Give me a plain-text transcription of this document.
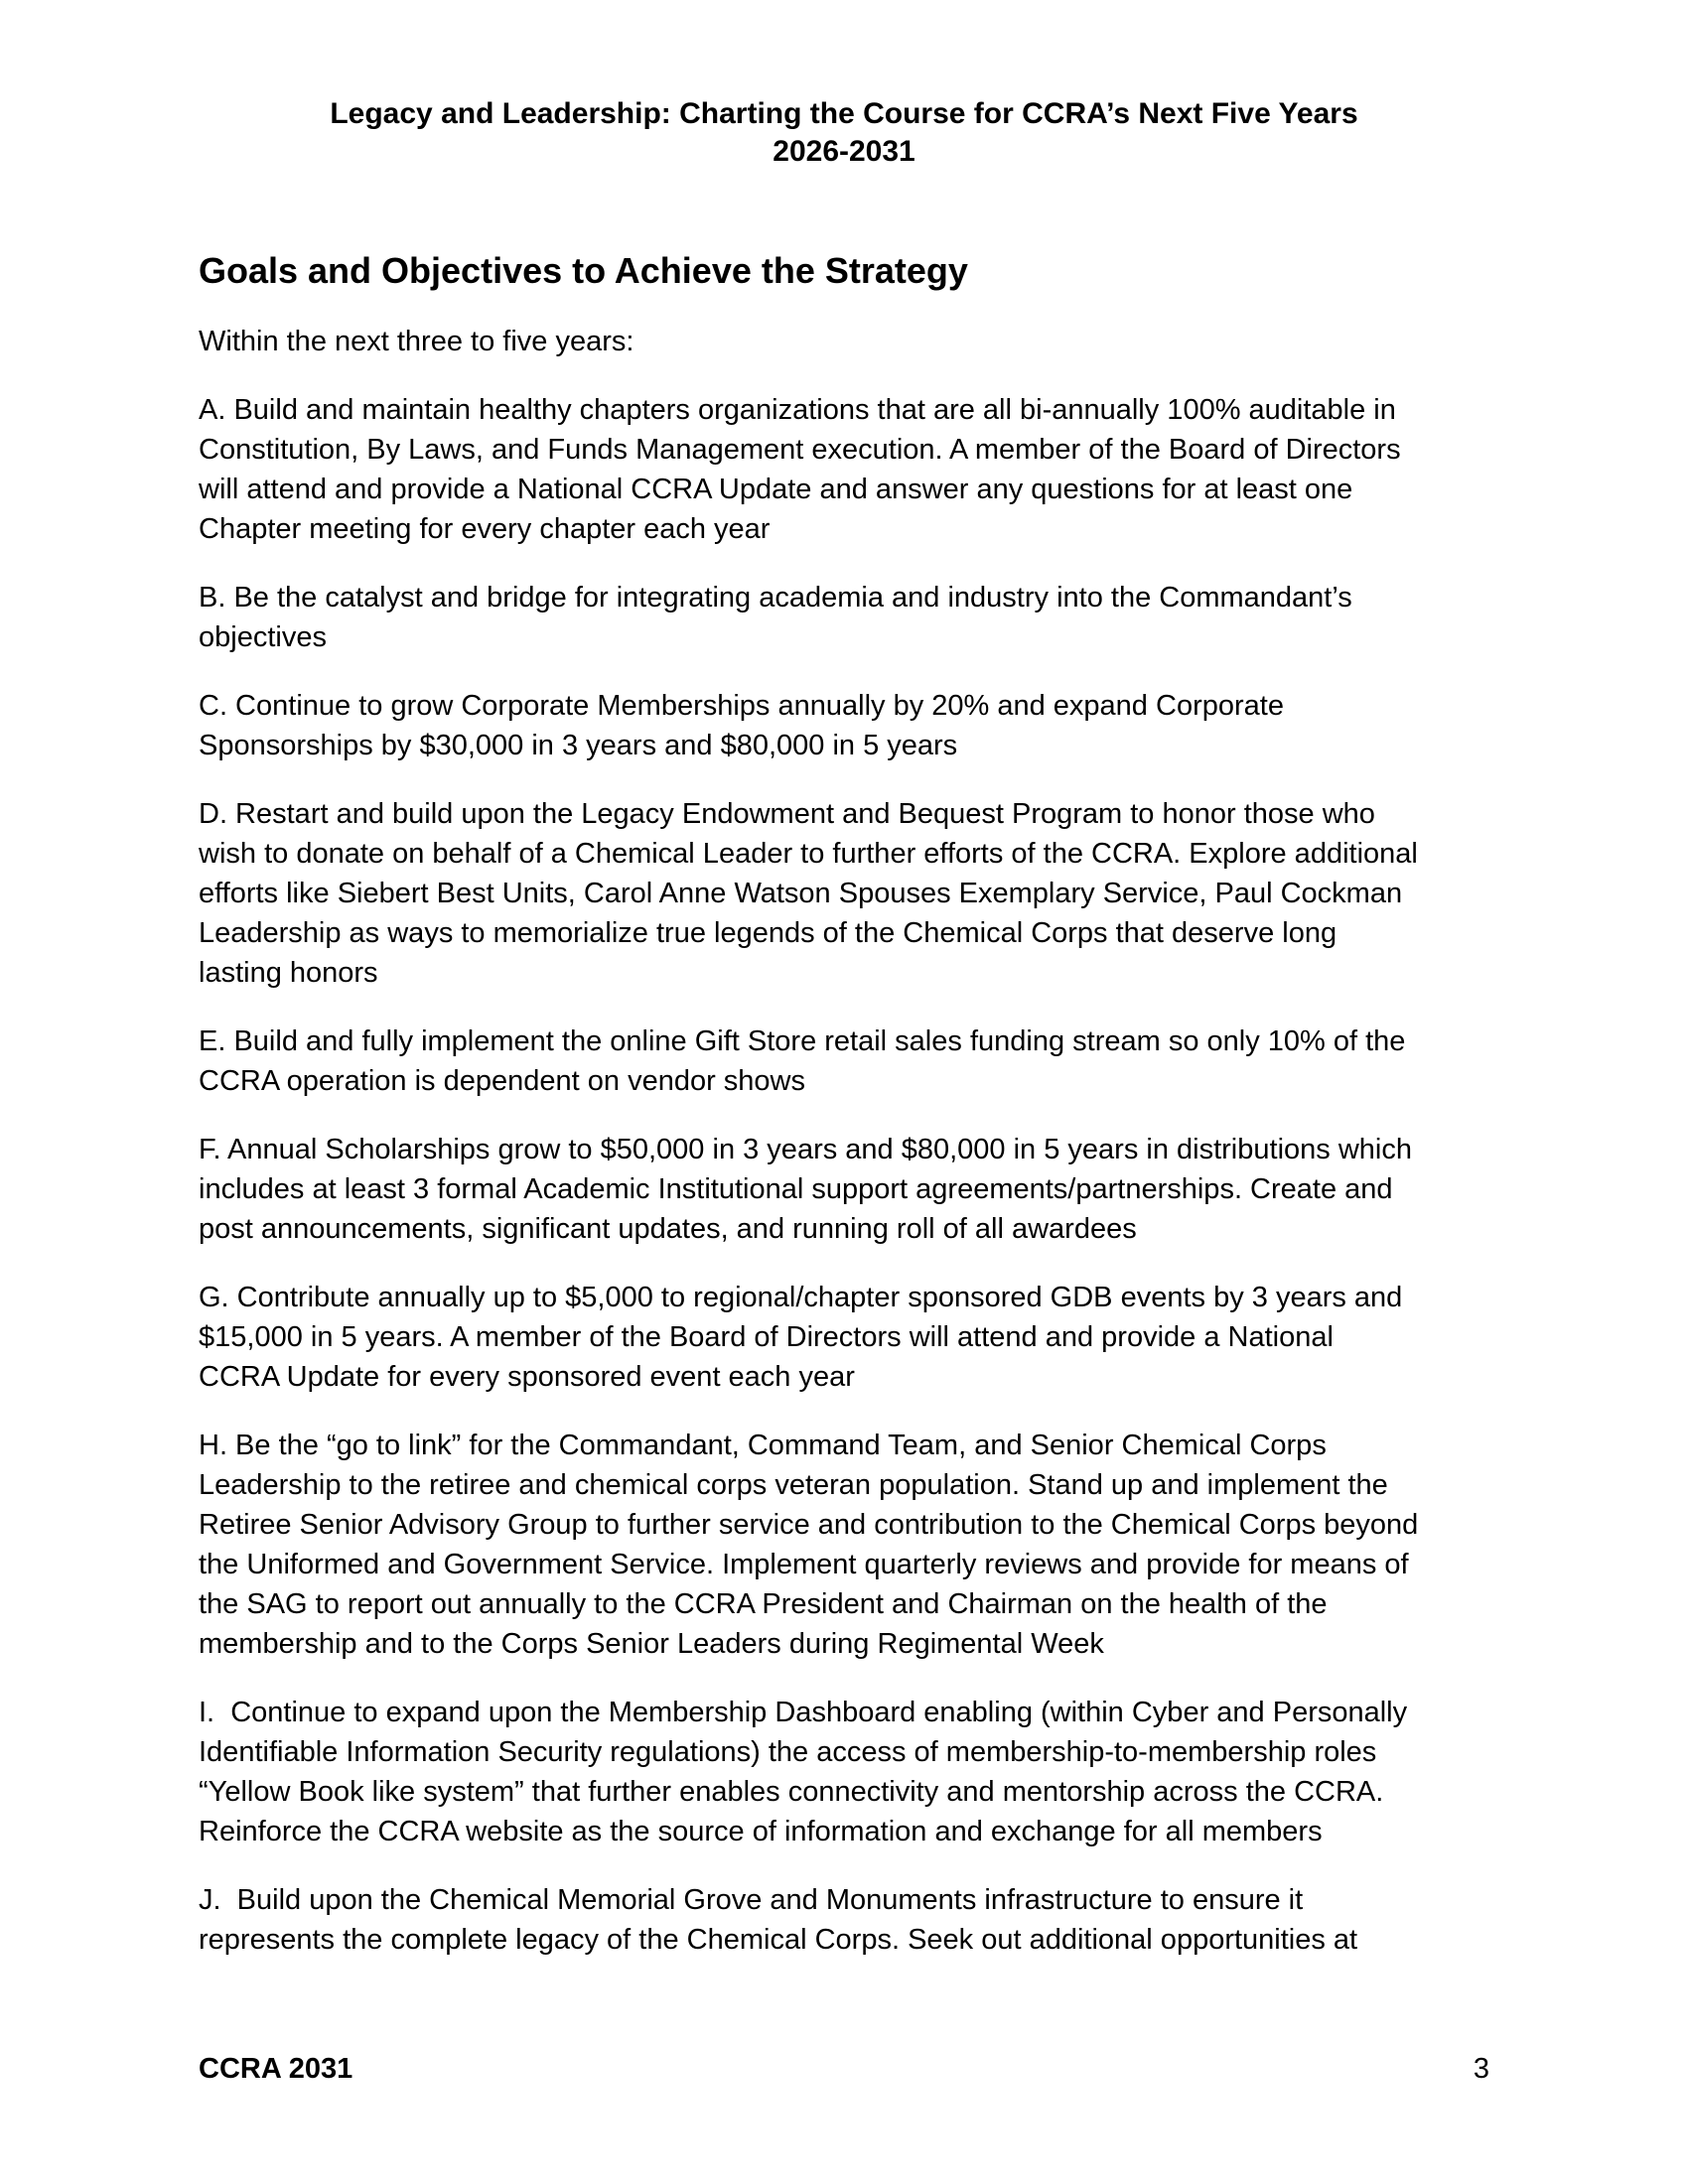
Legacy and Leadership: Charting the Course for CCRA’s Next Five Years
2026-2031
Goals and Objectives to Achieve the Strategy
Within the next three to five years:
A. Build and maintain healthy chapters organizations that are all bi-annually 100% auditable in
Constitution, By Laws, and Funds Management execution. A member of the Board of Directors
will attend and provide a National CCRA Update and answer any questions for at least one
Chapter meeting for every chapter each year
B. Be the catalyst and bridge for integrating academia and industry into the Commandant’s
objectives
C. Continue to grow Corporate Memberships annually by 20% and expand Corporate
Sponsorships by $30,000 in 3 years and $80,000 in 5 years
D. Restart and build upon the Legacy Endowment and Bequest Program to honor those who
wish to donate on behalf of a Chemical Leader to further efforts of the CCRA. Explore additional
efforts like Siebert Best Units, Carol Anne Watson Spouses Exemplary Service, Paul Cockman
Leadership as ways to memorialize true legends of the Chemical Corps that deserve long
lasting honors
E. Build and fully implement the online Gift Store retail sales funding stream so only 10% of the
CCRA operation is dependent on vendor shows
F. Annual Scholarships grow to $50,000 in 3 years and $80,000 in 5 years in distributions which
includes at least 3 formal Academic Institutional support agreements/partnerships. Create and
post announcements, significant updates, and running roll of all awardees
G. Contribute annually up to $5,000 to regional/chapter sponsored GDB events by 3 years and
$15,000 in 5 years. A member of the Board of Directors will attend and provide a National
CCRA Update for every sponsored event each year
H. Be the “go to link” for the Commandant, Command Team, and Senior Chemical Corps
Leadership to the retiree and chemical corps veteran population. Stand up and implement the
Retiree Senior Advisory Group to further service and contribution to the Chemical Corps beyond
the Uniformed and Government Service. Implement quarterly reviews and provide for means of
the SAG to report out annually to the CCRA President and Chairman on the health of the
membership and to the Corps Senior Leaders during Regimental Week
I.  Continue to expand upon the Membership Dashboard enabling (within Cyber and Personally
Identifiable Information Security regulations) the access of membership-to-membership roles
“Yellow Book like system” that further enables connectivity and mentorship across the CCRA.
Reinforce the CCRA website as the source of information and exchange for all members
J.  Build upon the Chemical Memorial Grove and Monuments infrastructure to ensure it
represents the complete legacy of the Chemical Corps. Seek out additional opportunities at
CCRA 2031	3
